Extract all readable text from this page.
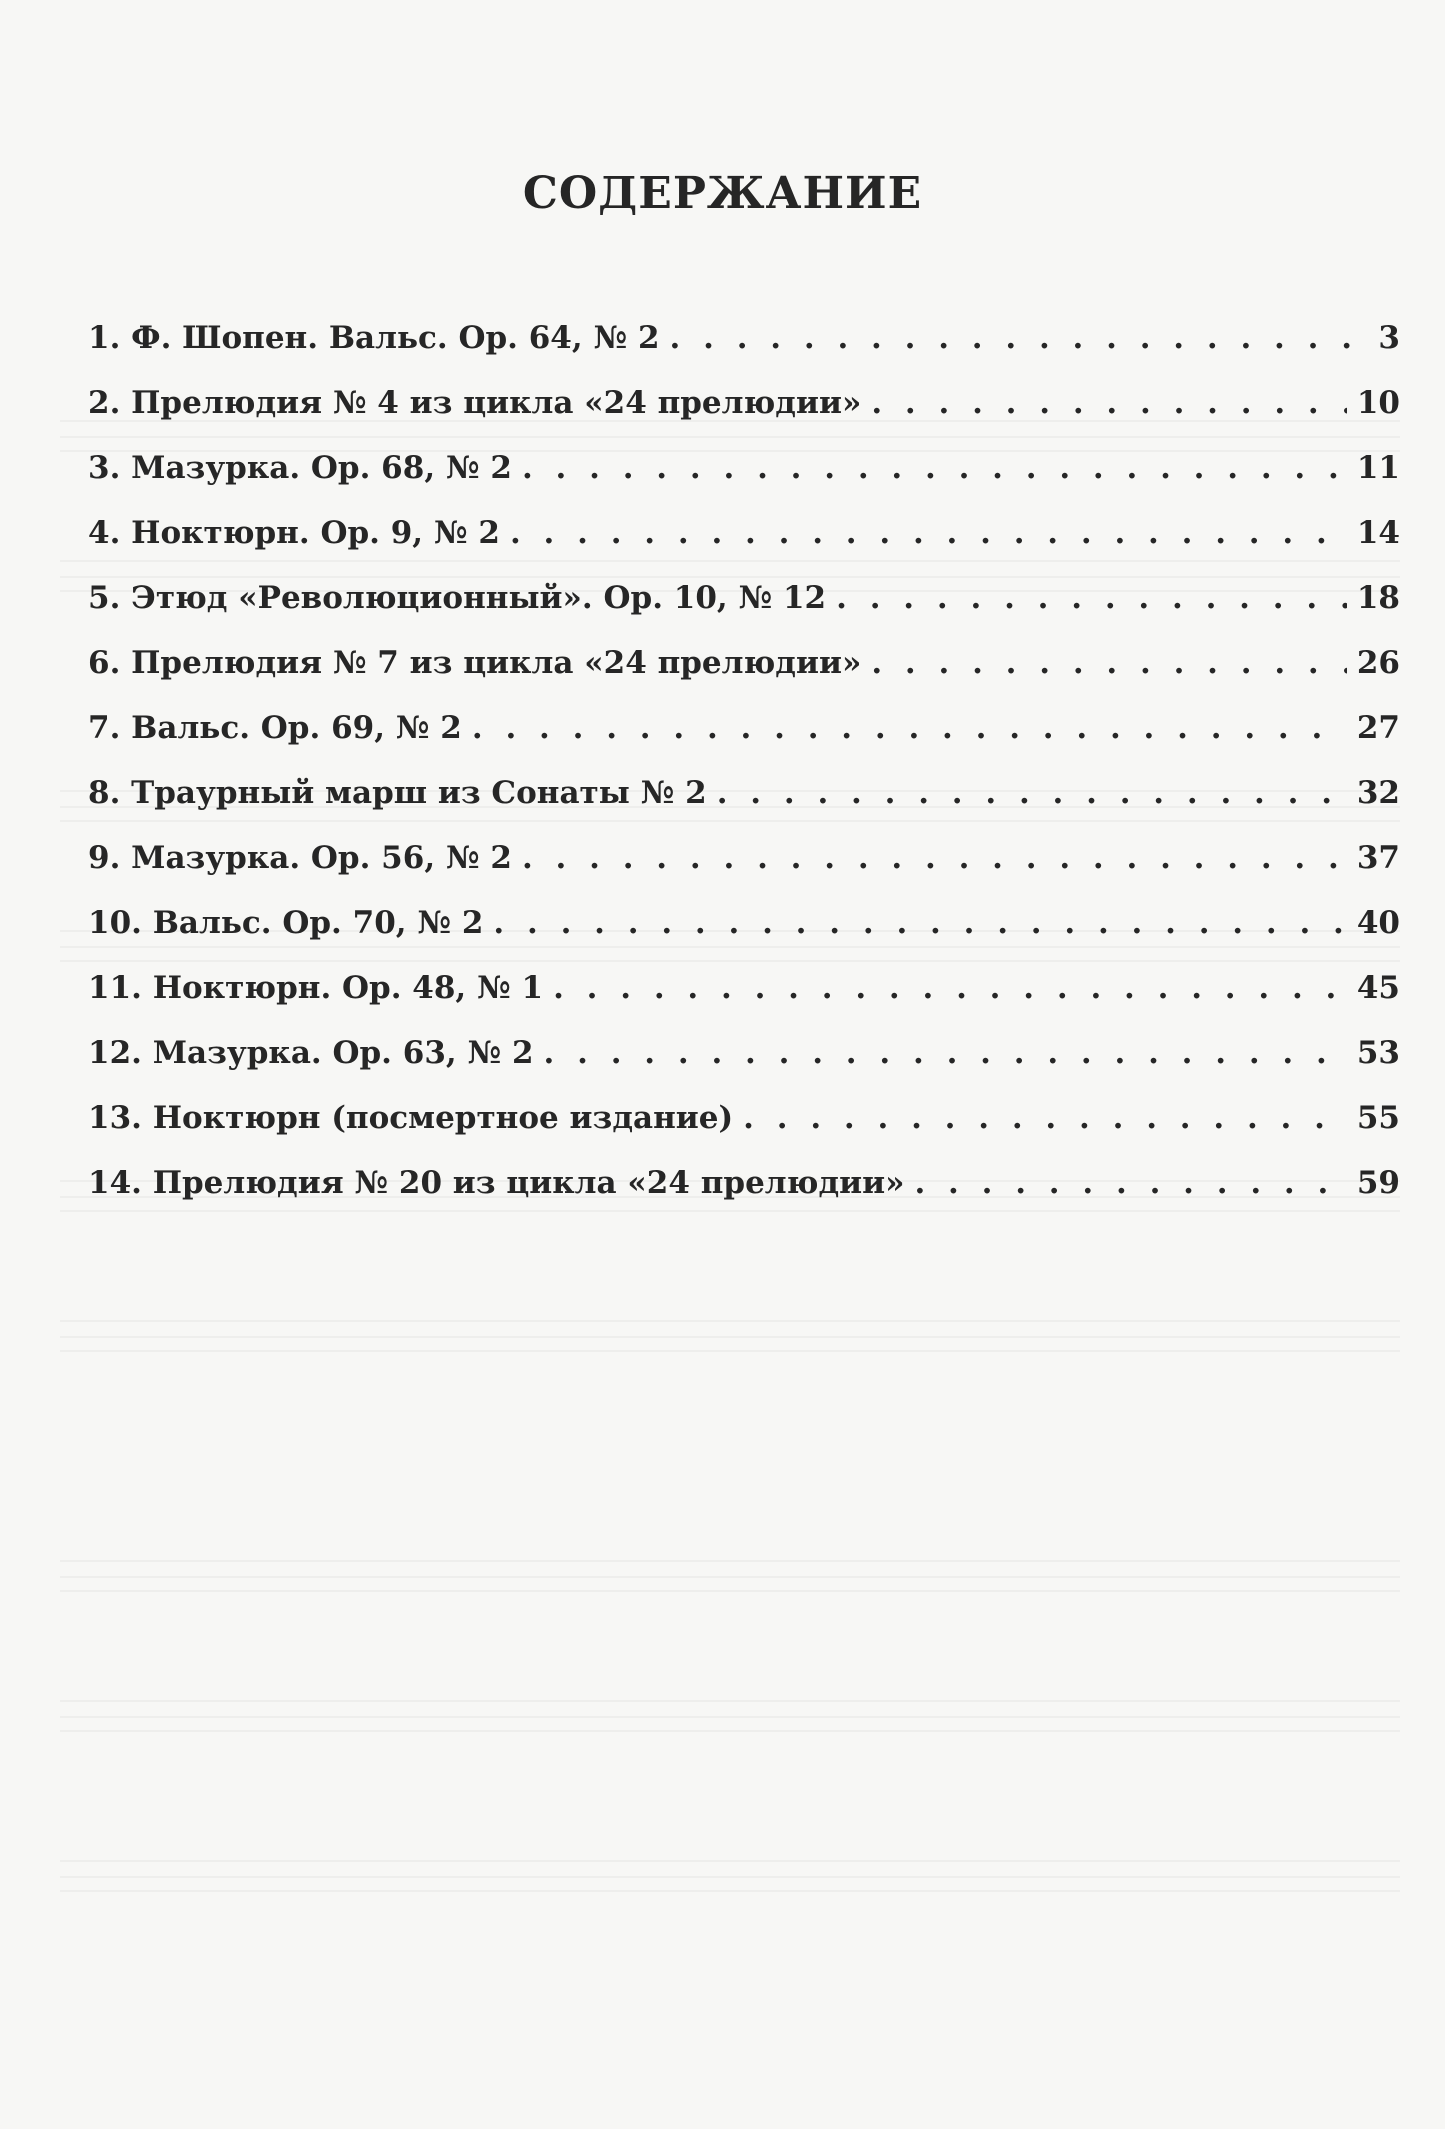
СОДЕРЖАНИЕ
1. Ф. Шопен. Вальс. Ор. 64, № 2 . . .	3
2. Прелюдия № 4 из цикла «24 прелюдии» . . .	10
3. Мазурка. Ор. 68, № 2 . . .	11
4. Ноктюрн. Ор. 9, № 2 . . .	14
5. Этюд «Революционный». Ор. 10, № 12 . . .	18
6. Прелюдия № 7 из цикла «24 прелюдии» . . .	26
7. Вальс. Ор. 69, № 2 . . .	27
8. Траурный марш из Сонаты № 2 . . .	32
9. Мазурка. Ор. 56, № 2 . . .	37
10. Вальс. Ор. 70, № 2 . . .	40
11. Ноктюрн. Ор. 48, № 1 . . .	45
12. Мазурка. Ор. 63, № 2 . . .	53
13. Ноктюрн (посмертное издание) . . .	55
14. Прелюдия № 20 из цикла «24 прелюдии» . . .	59
